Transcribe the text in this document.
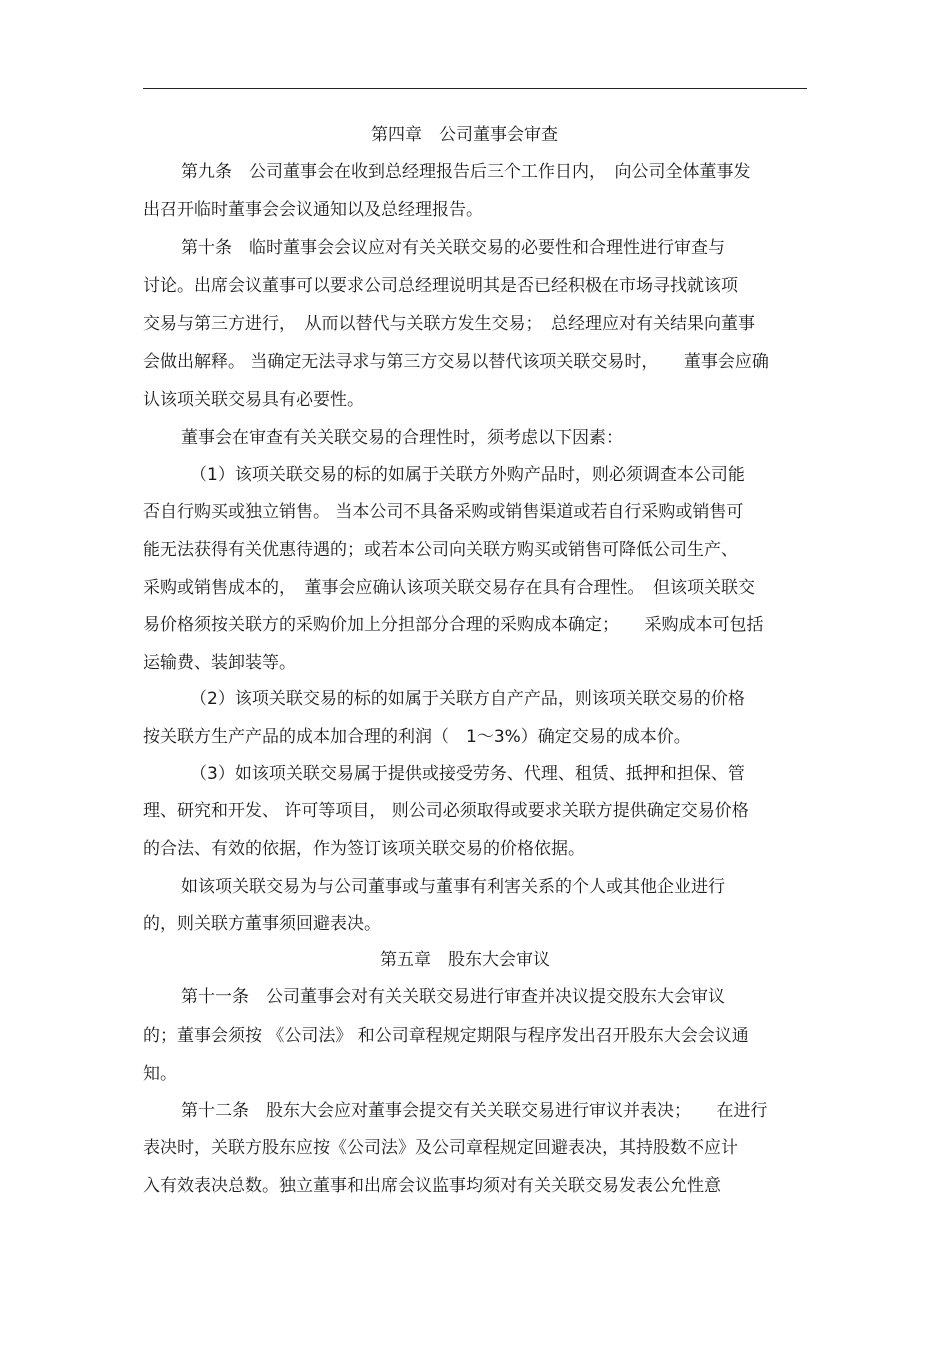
第四章　公司董事会审查
第九条　公司董事会在收到总经理报告后三个工作日内，　向公司全体董事发
出召开临时董事会会议通知以及总经理报告。
第十条　临时董事会会议应对有关关联交易的必要性和合理性进行审查与
讨论。出席会议董事可以要求公司总经理说明其是否已经积极在市场寻找就该项
交易与第三方进行，　从而以替代与关联方发生交易；　总经理应对有关结果向董事
会做出解释。 当确定无法寻求与第三方交易以替代该项关联交易时，　　董事会应确
认该项关联交易具有必要性。
董事会在审查有关关联交易的合理性时，须考虑以下因素：
（1）该项关联交易的标的如属于关联方外购产品时，则必须调查本公司能
否自行购买或独立销售。 当本公司不具备采购或销售渠道或若自行采购或销售可
能无法获得有关优惠待遇的；或若本公司向关联方购买或销售可降低公司生产、
采购或销售成本的，　董事会应确认该项关联交易存在具有合理性。　但该项关联交
易价格须按关联方的采购价加上分担部分合理的采购成本确定；　　采购成本可包括
运输费、装卸装等。
（2）该项关联交易的标的如属于关联方自产产品，则该项关联交易的价格
按关联方生产产品的成本加合理的利润（　1～3%）确定交易的成本价。
（3）如该项关联交易属于提供或接受劳务、代理、租赁、抵押和担保、管
理、研究和开发、 许可等项目， 则公司必须取得或要求关联方提供确定交易价格
的合法、有效的依据，作为签订该项关联交易的价格依据。
如该项关联交易为与公司董事或与董事有利害关系的个人或其他企业进行
的，则关联方董事须回避表决。
第五章　股东大会审议
第十一条　公司董事会对有关关联交易进行审查并决议提交股东大会审议
的；董事会须按 《公司法》 和公司章程规定期限与程序发出召开股东大会会议通
知。
第十二条　股东大会应对董事会提交有关关联交易进行审议并表决；　　在进行
表决时，关联方股东应按《公司法》及公司章程规定回避表决，其持股数不应计
入有效表决总数。独立董事和出席会议监事均须对有关关联交易发表公允性意
